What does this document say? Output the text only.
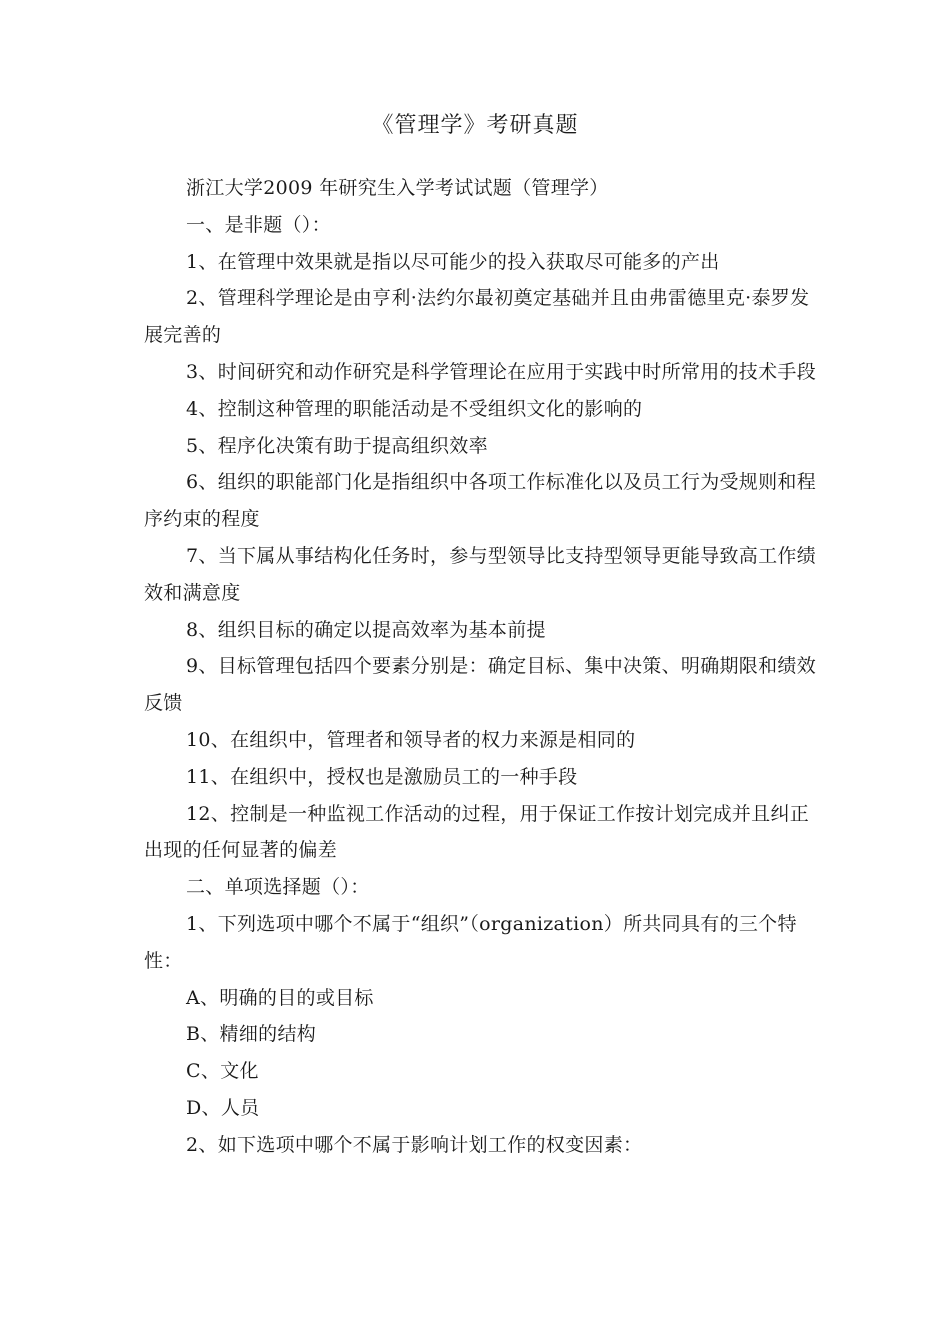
《管理学》考研真题

浙江大学2009 年研究生入学考试试题（管理学）

一、是非题（）：

1、在管理中效果就是指以尽可能少的投入获取尽可能多的产出

2、管理科学理论是由亨利·法约尔最初奠定基础并且由弗雷德里克·泰罗发展完善的

3、时间研究和动作研究是科学管理论在应用于实践中时所常用的技术手段

4、控制这种管理的职能活动是不受组织文化的影响的

5、程序化决策有助于提高组织效率

6、组织的职能部门化是指组织中各项工作标准化以及员工行为受规则和程序约束的程度

7、当下属从事结构化任务时，参与型领导比支持型领导更能导致高工作绩效和满意度

8、组织目标的确定以提高效率为基本前提

9、目标管理包括四个要素分别是：确定目标、集中决策、明确期限和绩效反馈

10、在组织中，管理者和领导者的权力来源是相同的

11、在组织中，授权也是激励员工的一种手段

12、控制是一种监视工作活动的过程，用于保证工作按计划完成并且纠正出现的任何显著的偏差

二、单项选择题（）：

1、下列选项中哪个不属于“组织”（organization）所共同具有的三个特性：

A、明确的目的或目标

B、精细的结构

C、文化

D、人员

2、如下选项中哪个不属于影响计划工作的权变因素：
